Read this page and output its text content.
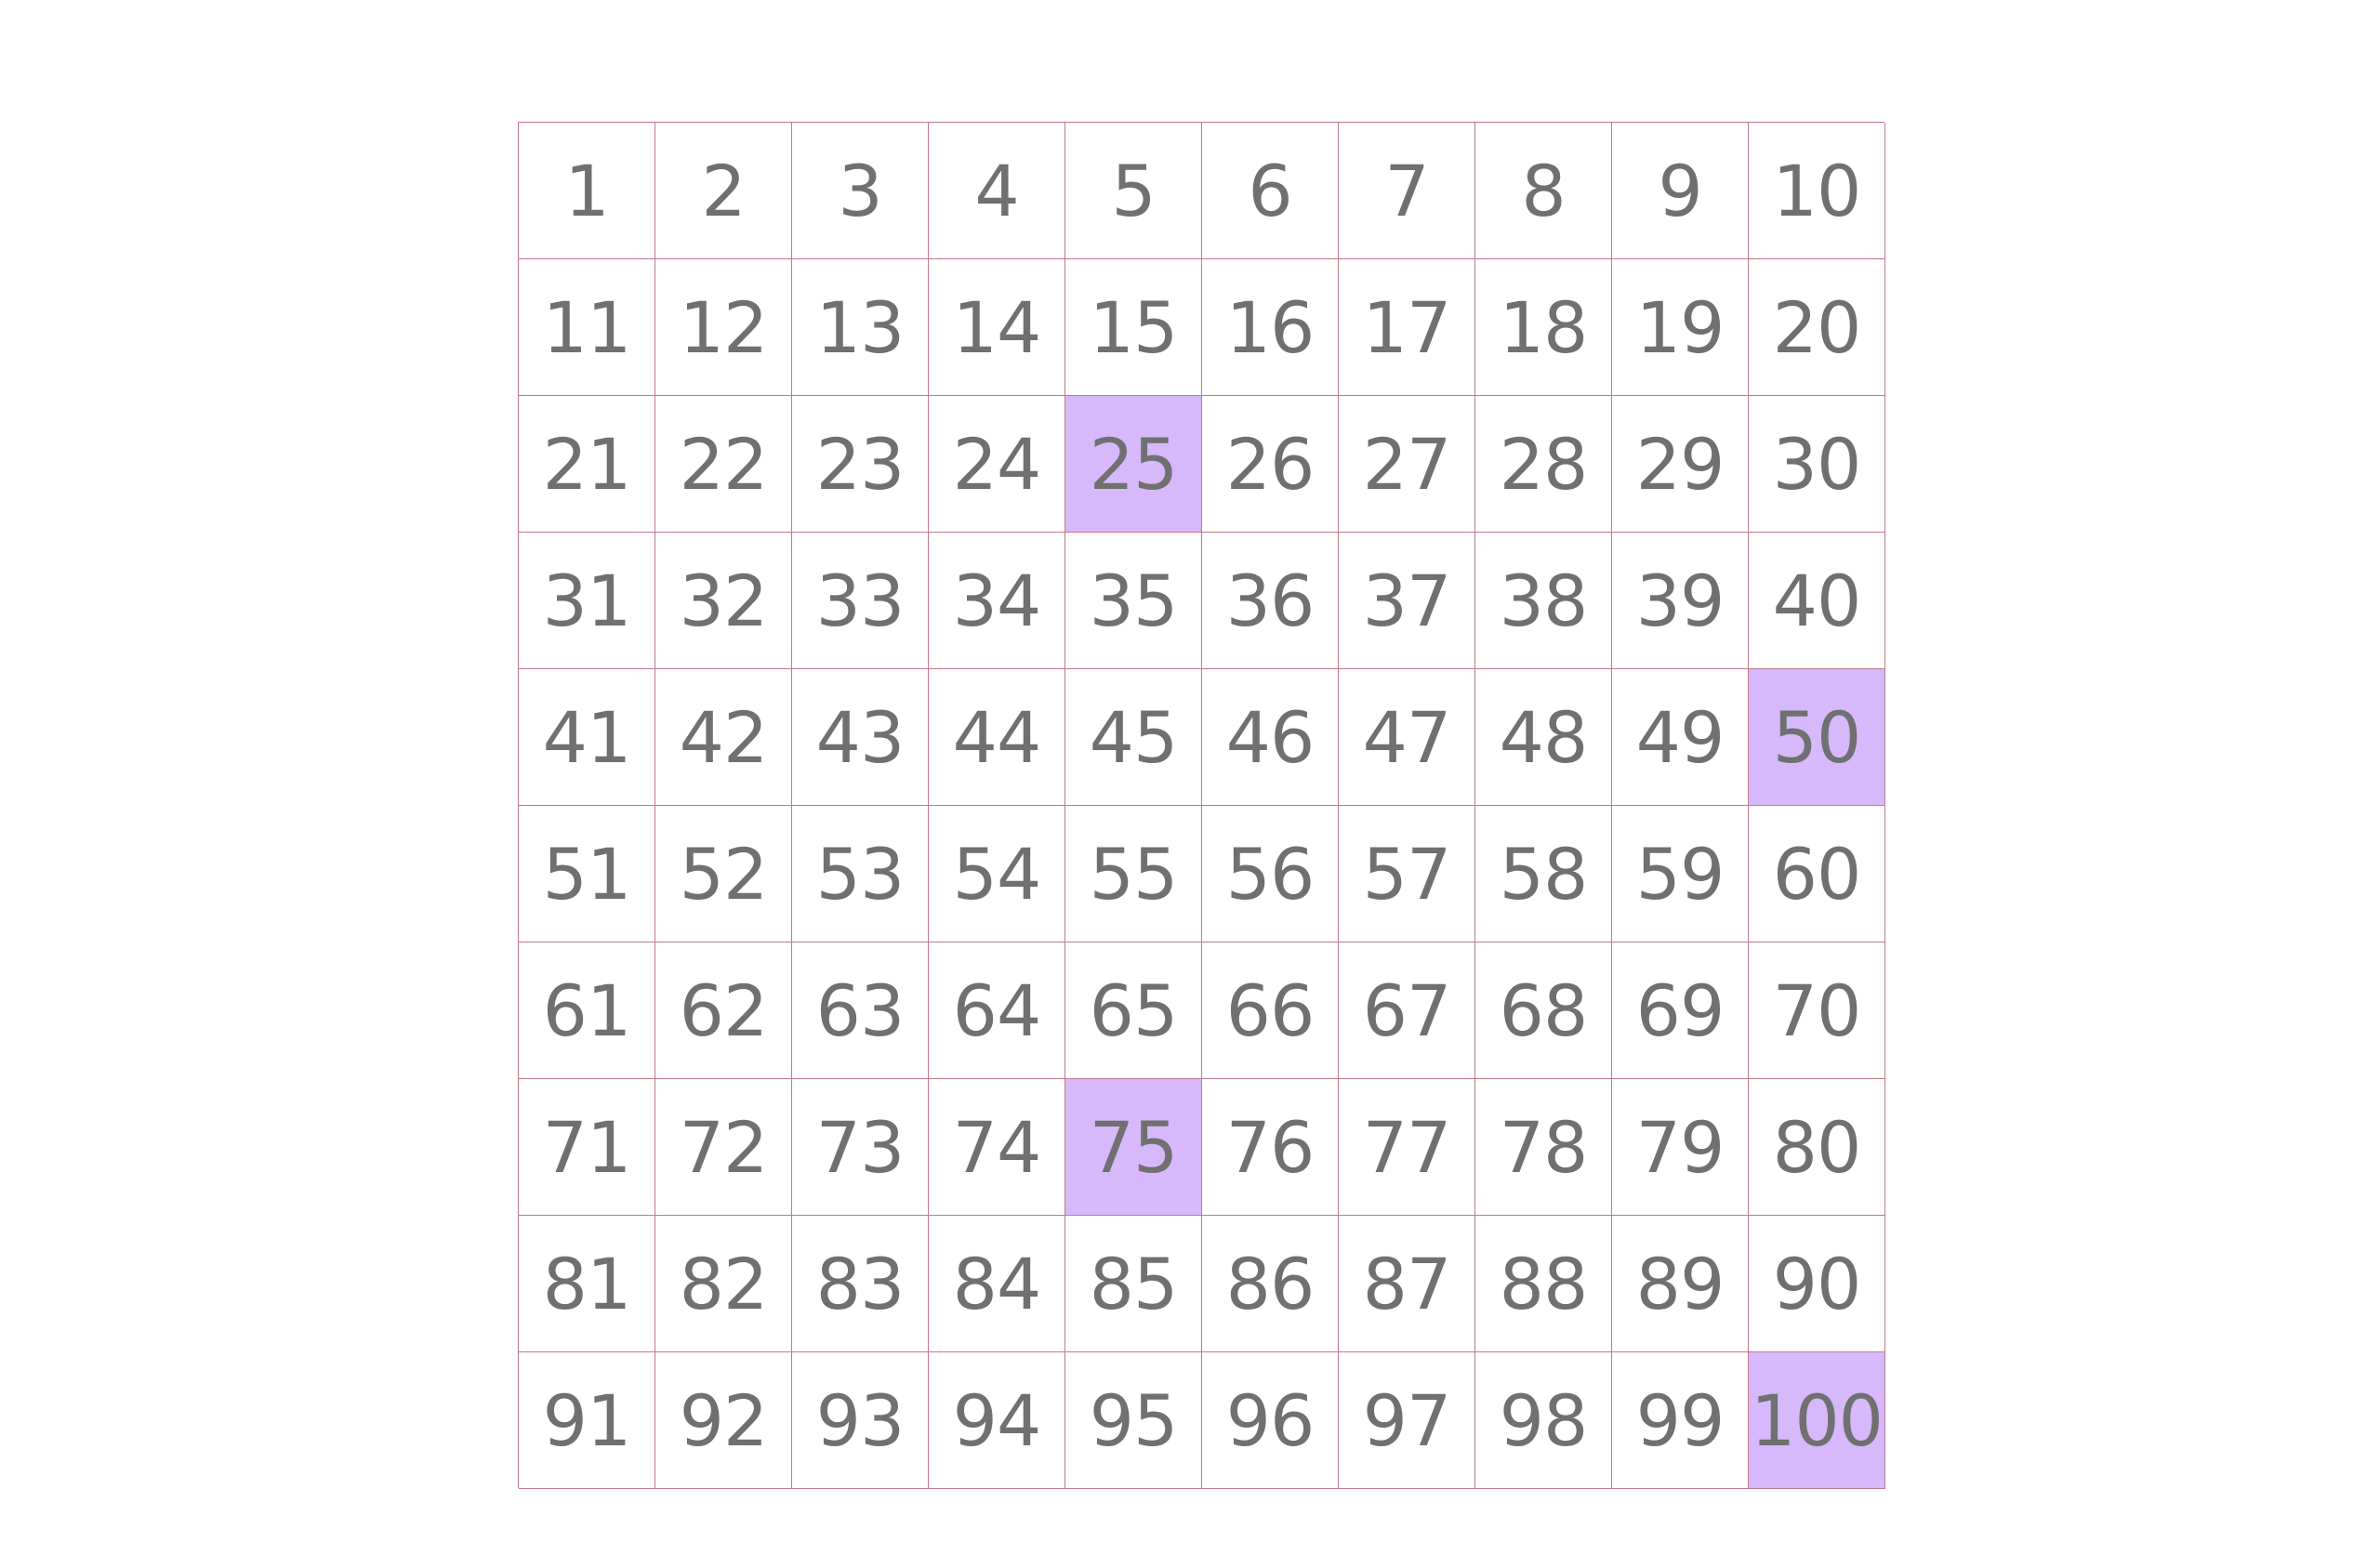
1	2	3	4	5	6	7	8	9 10
11 12 13 14 15 16 17 18 19 20
21 22 23 24 25 26 27 28 29 30
31 32 33 34 35 36 37 38 39 40
41 42 43 44 45 46 47 48 49 50
51 52 53 54 55 56 57 58 59 60
61 62 63 64 65 66 67 68 69 70
71 72 73 74 75 76 77 78 79 80
81 82 83 84 85 86 87 88 89 90
91 92 93 94 95 96 97 98 99 100
